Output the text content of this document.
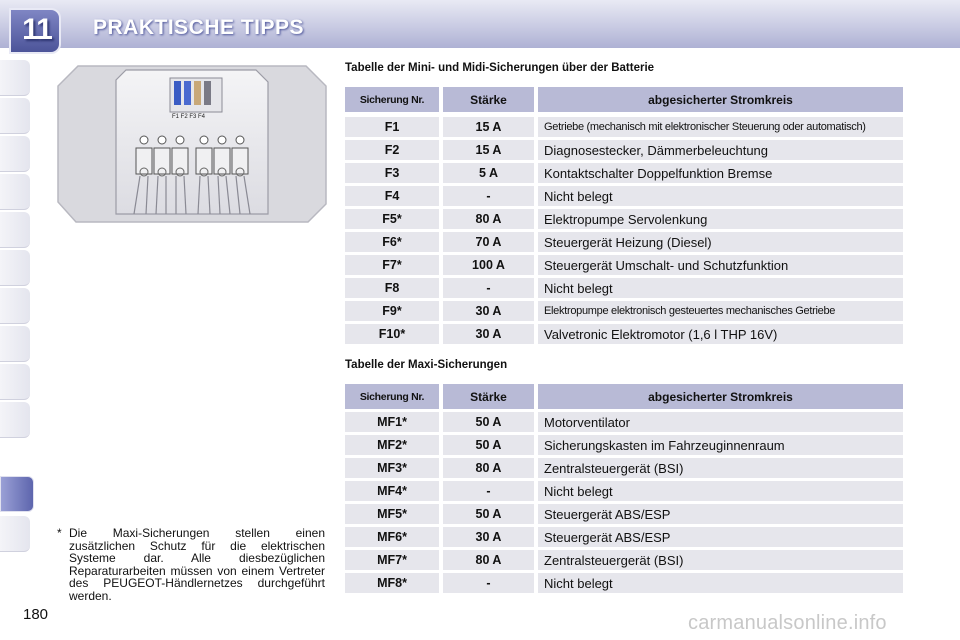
11	PRAKTISCHE TIPPS
F1 F2 F3 F4
Tabelle der Mini- und Midi-Sicherungen über der Batterie
Sicherung Nr.	Stärke	abgesicherter Stromkreis
F1	15 A	Getriebe (mechanisch mit elektronischer Steuerung oder automatisch)
F2	15 A	Diagnosestecker, Dämmerbeleuchtung
F3	5 A	Kontaktschalter Doppelfunktion Bremse
F4	-	Nicht belegt
F5*	80 A	Elektropumpe Servolenkung
F6*	70 A	Steuergerät Heizung (Diesel)
F7*	100 A	Steuergerät Umschalt- und Schutzfunktion
F8	-	Nicht belegt
F9*	30 A	Elektropumpe elektronisch gesteuertes mechanisches Getriebe
F10*	30 A	Valvetronic Elektromotor (1,6 l THP 16V)
Tabelle der Maxi-Sicherungen
Sicherung Nr.	Stärke	abgesicherter Stromkreis
MF1*	50 A	Motorventilator
MF2*	50 A	Sicherungskasten im Fahrzeuginnenraum
MF3*	80 A	Zentralsteuergerät (BSI)
MF4*	-	Nicht belegt
MF5*	50 A	Steuergerät ABS/ESP
MF6*	30 A	Steuergerät ABS/ESP
MF7*	80 A	Zentralsteuergerät (BSI)
MF8*	-	Nicht belegt
* Die Maxi-Sicherungen stellen einen zusätzlichen Schutz für die elektrischen Systeme dar. Alle diesbezüglichen Reparaturarbeiten müssen von einem Vertreter des PEUGEOT-Händlernetzes durchgeführt werden.
180	carmanualsonline.info
